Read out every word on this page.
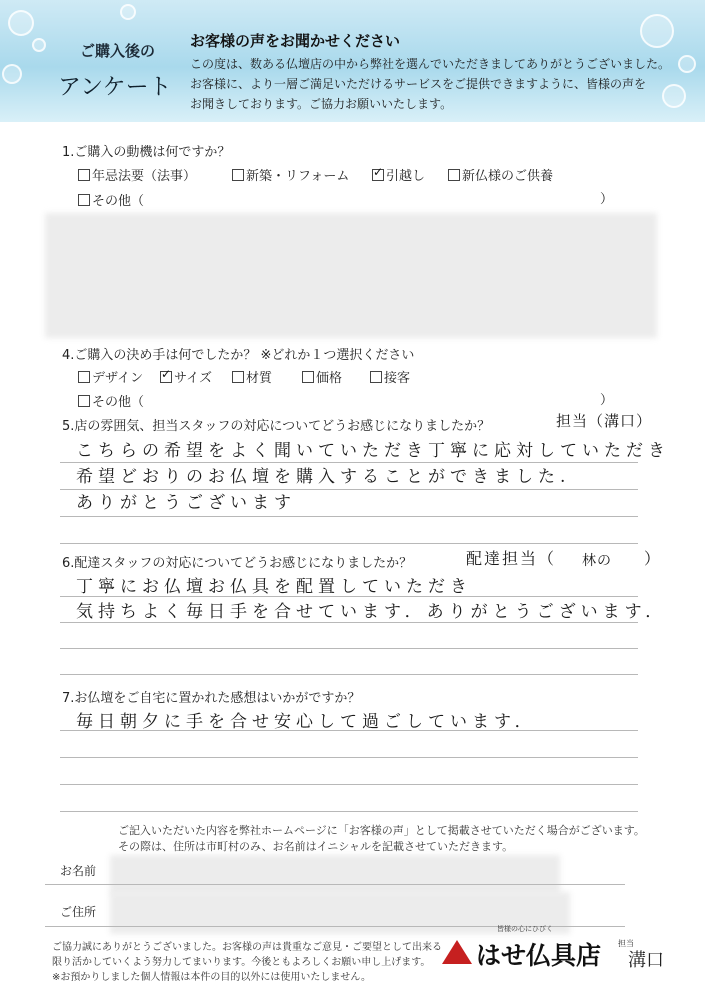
ご購入後の
アンケート
お客様の声をお聞かせください
この度は、数ある仏壇店の中から弊社を選んでいただきましてありがとうございました。
お客様に、より一層ご満足いただけるサービスをご提供できますように、皆様の声を
お聞きしております。ご協力お願いいたします。
1.ご購入の動機は何ですか？
年忌法要（法事）	新築・リフォーム ✓	引越し	新仏様のご供養
その他（	）
4.ご購入の決め手は何でしたか？ ※どれか１つ選択ください
デザイン ✓ サイズ	材質	価格	接客
その他（	）
5.店の雰囲気、担当スタッフの対応についてどうお感じになりましたか？	担当（溝口）
こちらの希望をよく聞いていただき丁寧に応対していただき
希望どおりのお仏壇を購入することができました.
ありがとうございます
6.配達スタッフの対応についてどうお感じになりましたか？	配達担当（ 林の ）
丁寧にお仏壇お仏具を配置していただき
気持ちよく毎日手を合せています．ありがとうございます．
7.お仏壇をご自宅に置かれた感想はいかがですか？
毎日朝夕に手を合せ安心して過ごしています．
ご記入いただいた内容を弊社ホームページに「お客様の声」として掲載させていただく場合がございます。
その際は、住所は市町村のみ、お名前はイニシャルを記載させていただきます。
お名前
ご住所
ご協力誠にありがとうございました。お客様の声は貴重なご意見・ご要望として出来る
限り活かしていくよう努力してまいります。今後ともよろしくお願い申し上げます。
※お預かりしました個人情報は本件の目的以外には使用いたしません。
皆様の心にひびく
はせ仏具店 担当
溝口
